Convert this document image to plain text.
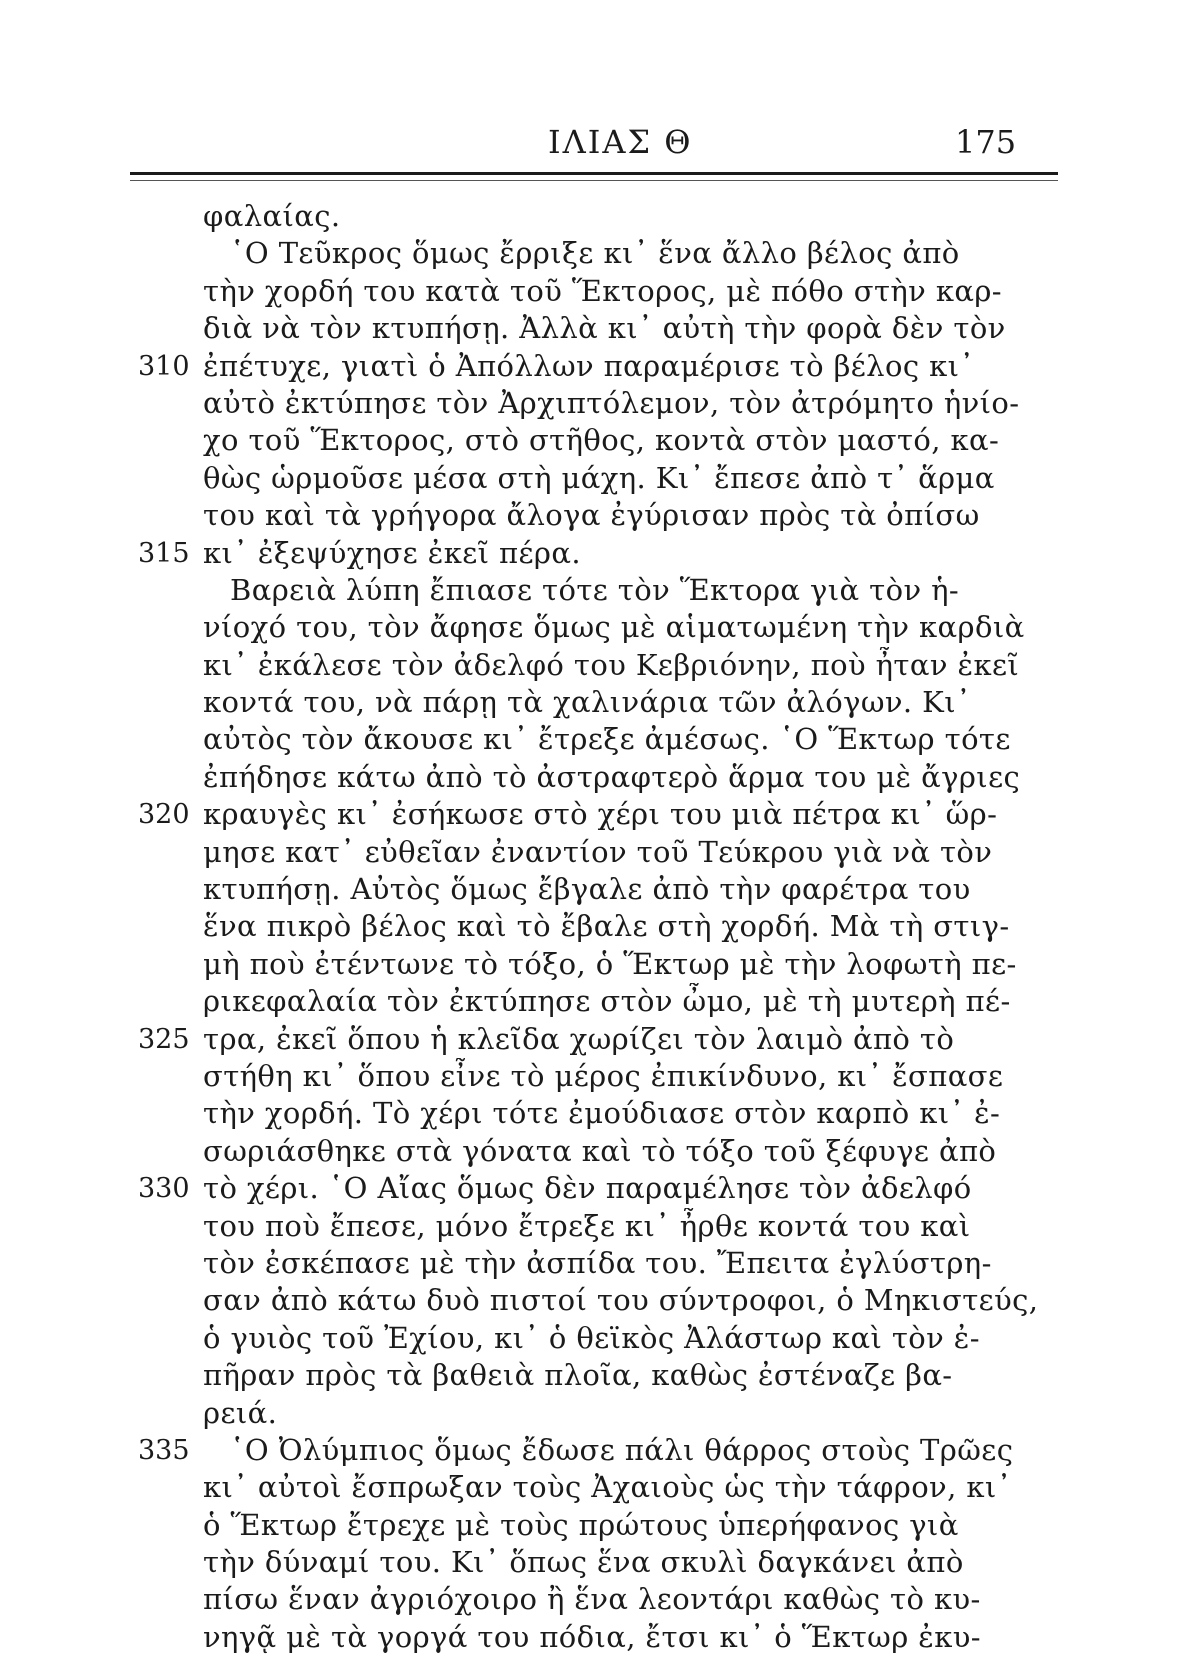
ΙΛΙΑΣ Θ	175
φαλαίας.
῾Ο Τεῦκρος ὅμως ἔρριξε κι᾽ ἕνα ἄλλο βέλος ἀπὸ
τὴν χορδή του κατὰ τοῦ Ἕκτορος, μὲ πόθο στὴν καρ-
διὰ νὰ τὸν κτυπήσῃ. Ἀλλὰ κι᾽ αὐτὴ τὴν φορὰ δὲν τὸν
310 ἐπέτυχε, γιατὶ ὁ Ἀπόλλων παραμέρισε τὸ βέλος κι᾽
αὐτὸ ἐκτύπησε τὸν Ἀρχιπτόλεμον, τὸν ἀτρόμητο ἡνίο-
χο τοῦ Ἕκτορος, στὸ στῆθος, κοντὰ στὸν μαστό, κα-
θὼς ὡρμοῦσε μέσα στὴ μάχη. Κι᾽ ἔπεσε ἀπὸ τ᾽ ἅρμα
του καὶ τὰ γρήγορα ἄλογα ἐγύρισαν πρὸς τὰ ὀπίσω
315 κι᾽ ἐξεψύχησε ἐκεῖ πέρα.
Βαρειὰ λύπη ἔπιασε τότε τὸν Ἕκτορα γιὰ τὸν ἡ-
νίοχό του, τὸν ἄφησε ὅμως μὲ αἱματωμένη τὴν καρδιὰ
κι᾽ ἐκάλεσε τὸν ἀδελφό του Κεβριόνην, ποὺ ἦταν ἐκεῖ
κοντά του, νὰ πάρῃ τὰ χαλινάρια τῶν ἀλόγων. Κι᾽
αὐτὸς τὸν ἄκουσε κι᾽ ἔτρεξε ἀμέσως. ῾Ο Ἕκτωρ τότε
ἐπήδησε κάτω ἀπὸ τὸ ἀστραφτερὸ ἅρμα του μὲ ἄγριες
320 κραυγὲς κι᾽ ἐσήκωσε στὸ χέρι του μιὰ πέτρα κι᾽ ὥρ-
μησε κατ᾽ εὐθεῖαν ἐναντίον τοῦ Τεύκρου γιὰ νὰ τὸν
κτυπήσῃ. Αὐτὸς ὅμως ἔβγαλε ἀπὸ τὴν φαρέτρα του
ἕνα πικρὸ βέλος καὶ τὸ ἔβαλε στὴ χορδή. Μὰ τὴ στιγ-
μὴ ποὺ ἐτέντωνε τὸ τόξο, ὁ Ἕκτωρ μὲ τὴν λοφωτὴ πε-
ρικεφαλαία τὸν ἐκτύπησε στὸν ὦμο, μὲ τὴ μυτερὴ πέ-
325 τρα, ἐκεῖ ὅπου ἡ κλεῖδα χωρίζει τὸν λαιμὸ ἀπὸ τὸ
στήθη κι᾽ ὅπου εἶνε τὸ μέρος ἐπικίνδυνο, κι᾽ ἔσπασε
τὴν χορδή. Τὸ χέρι τότε ἐμούδιασε στὸν καρπὸ κι᾽ ἐ-
σωριάσθηκε στὰ γόνατα καὶ τὸ τόξο τοῦ ξέφυγε ἀπὸ
330 τὸ χέρι. ῾Ο Αἴας ὅμως δὲν παραμέλησε τὸν ἀδελφό
του ποὺ ἔπεσε, μόνο ἔτρεξε κι᾽ ἦρθε κοντά του καὶ
τὸν ἐσκέπασε μὲ τὴν ἀσπίδα του. Ἔπειτα ἐγλύστρη-
σαν ἀπὸ κάτω δυὸ πιστοί του σύντροφοι, ὁ Μηκιστεύς,
ὁ γυιὸς τοῦ Ἐχίου, κι᾽ ὁ θεϊκὸς Ἀλάστωρ καὶ τὸν ἐ-
πῆραν πρὸς τὰ βαθειὰ πλοῖα, καθὼς ἐστέναζε βα-
ρειά.
335	῾Ο Ὀλύμπιος ὅμως ἔδωσε πάλι θάρρος στοὺς Τρῶες
κι᾽ αὐτοὶ ἔσπρωξαν τοὺς Ἀχαιοὺς ὡς τὴν τάφρον, κι᾽
ὁ Ἕκτωρ ἔτρεχε μὲ τοὺς πρώτους ὑπερήφανος γιὰ
τὴν δύναμί του. Κι᾽ ὅπως ἕνα σκυλὶ δαγκάνει ἀπὸ
πίσω ἕναν ἀγριόχοιρο ἢ ἕνα λεοντάρι καθὼς τὸ κυ-
νηγᾷ μὲ τὰ γοργά του πόδια, ἔτσι κι᾽ ὁ Ἕκτωρ ἐκυ-
